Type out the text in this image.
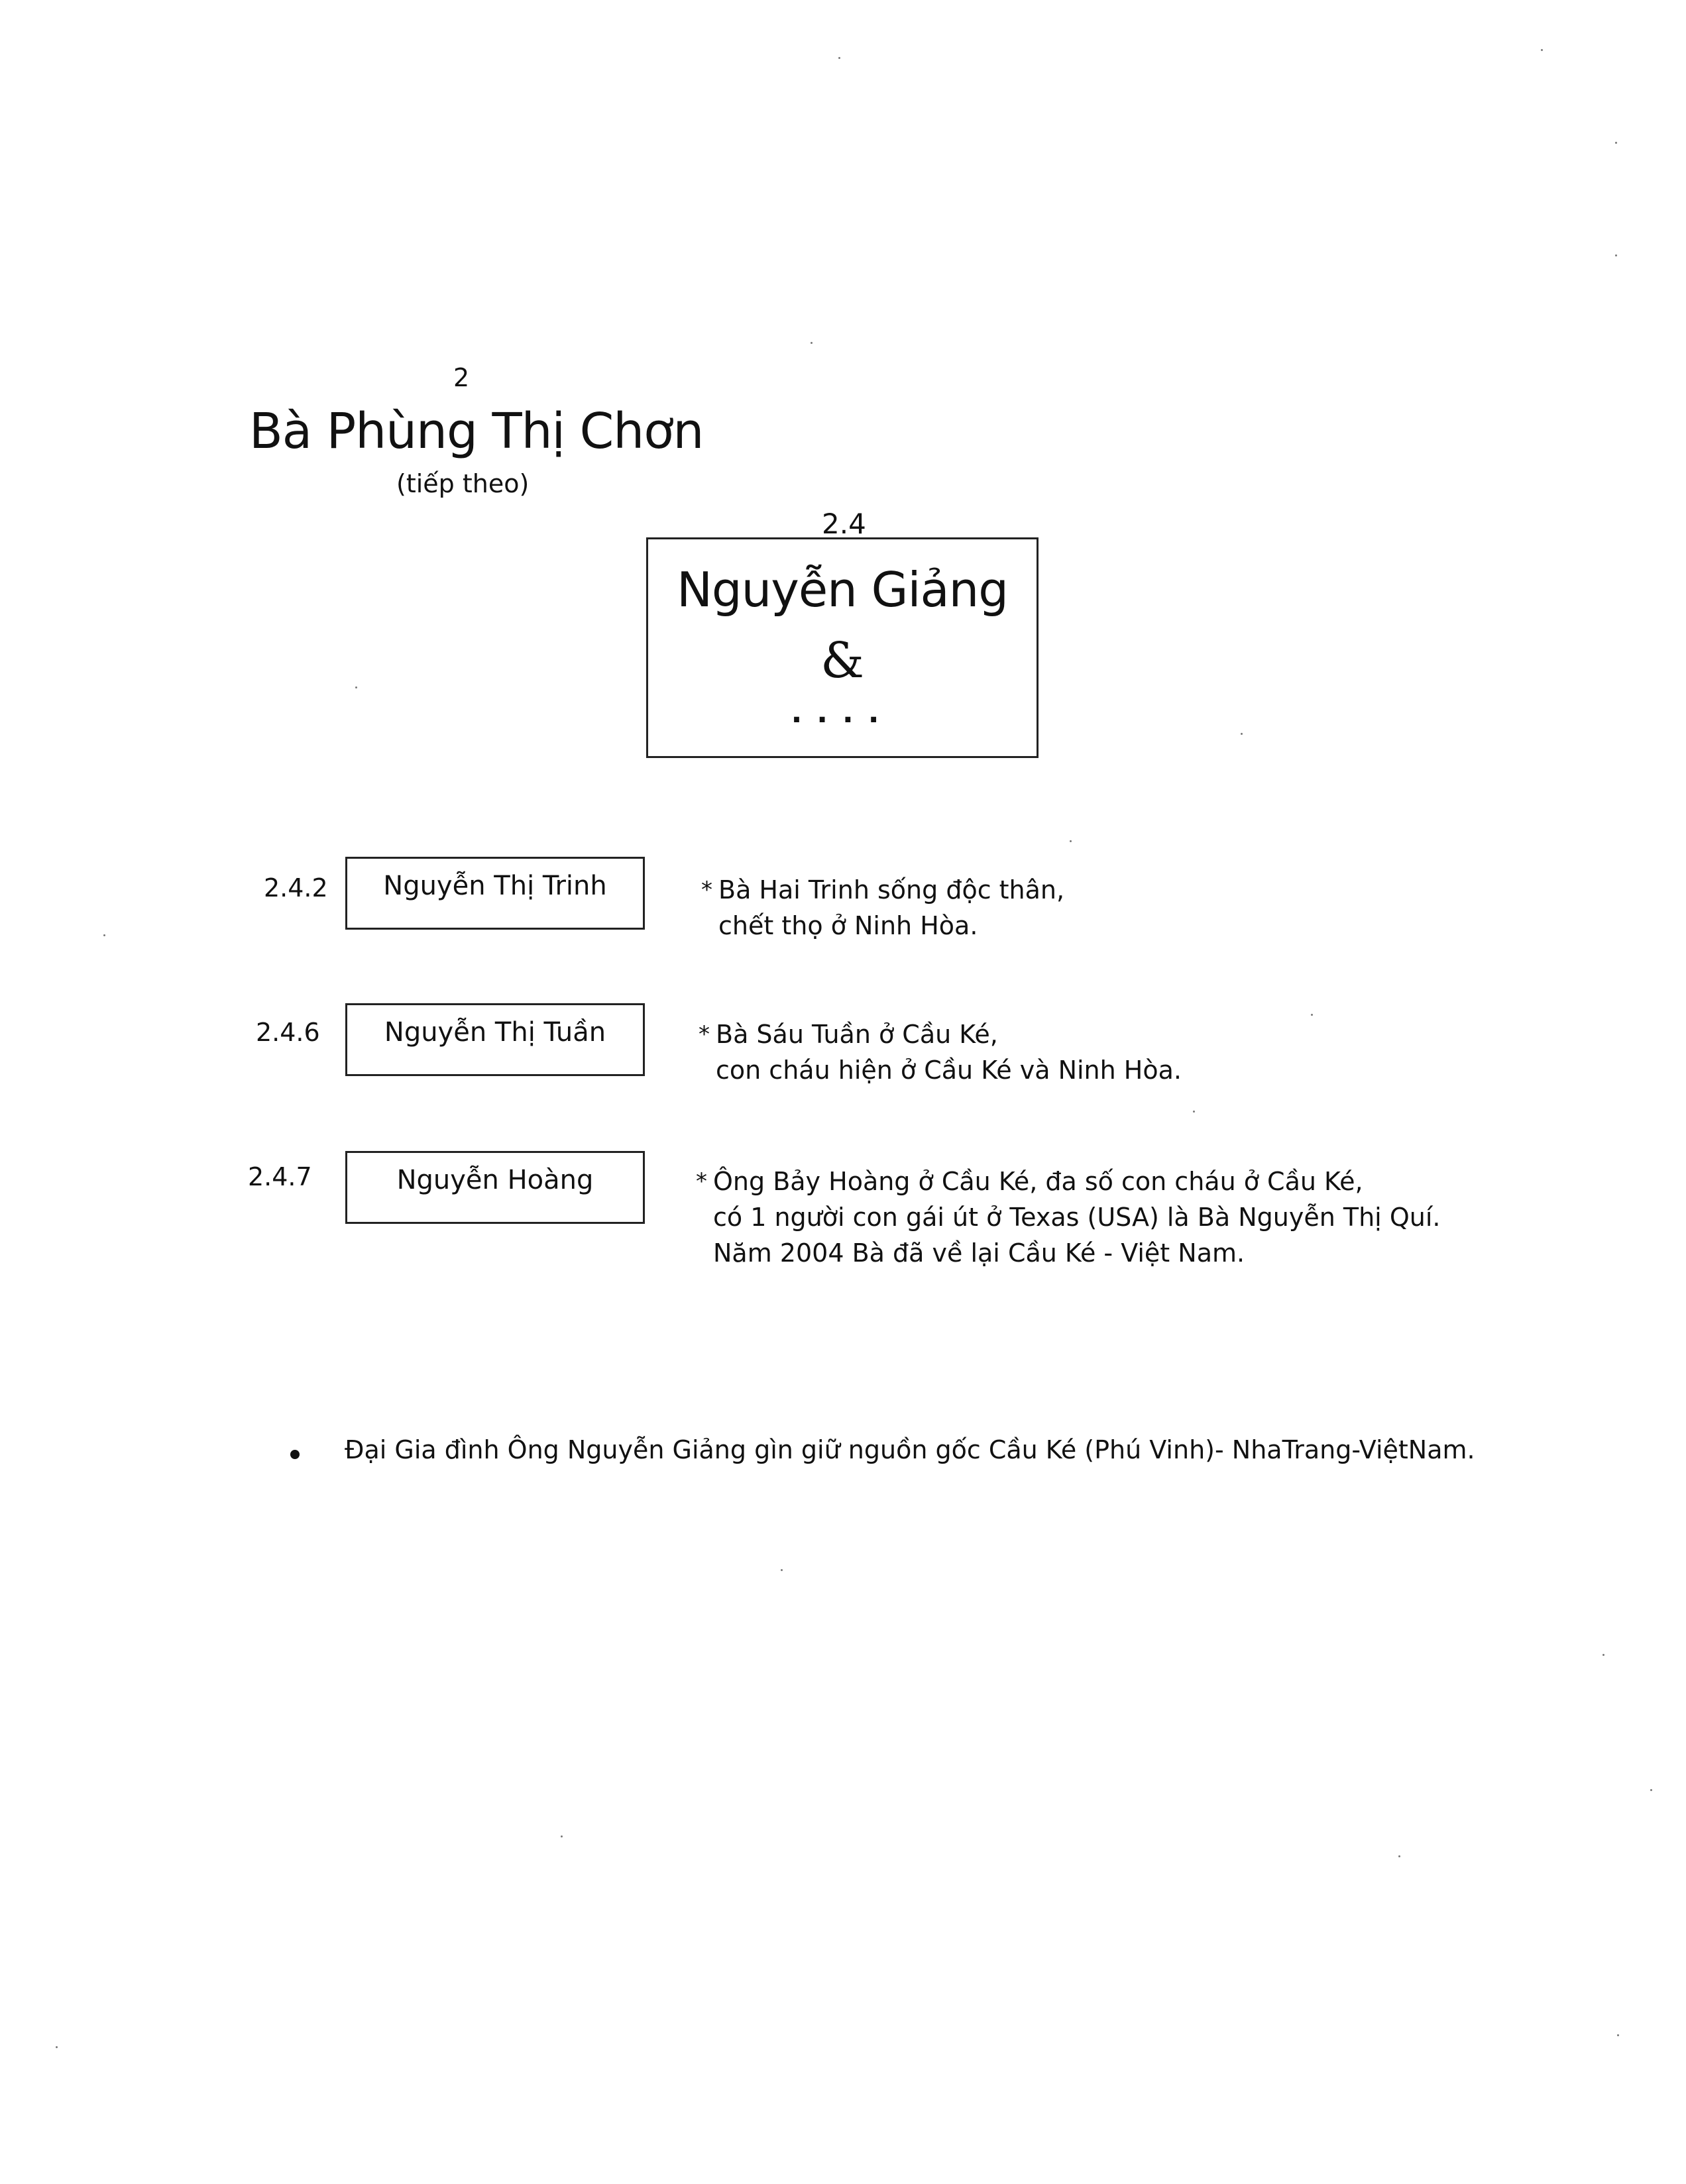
2
Bà Phùng Thị Chơn
(tiếp theo)
2.4
Nguyễn Giảng
&
....
2.4.2	Nguyễn Thị Trinh	* Bà Hai Trinh sống độc thân,
chết thọ ở Ninh Hòa.
2.4.6	Nguyễn Thị Tuần	* Bà Sáu Tuần ở Cầu Ké,
con cháu hiện ở Cầu Ké và Ninh Hòa.
2.4.7	Nguyễn Hoàng	* Ông Bảy Hoàng ở Cầu Ké, đa số con cháu ở Cầu Ké,
có 1 người con gái út ở Texas (USA) là Bà Nguyễn Thị Quí.
Năm 2004 Bà đã về lại Cầu Ké - Việt Nam.
Đại Gia đình Ông Nguyễn Giảng gìn giữ nguồn gốc Cầu Ké (Phú Vinh)- NhaTrang-ViệtNam.
